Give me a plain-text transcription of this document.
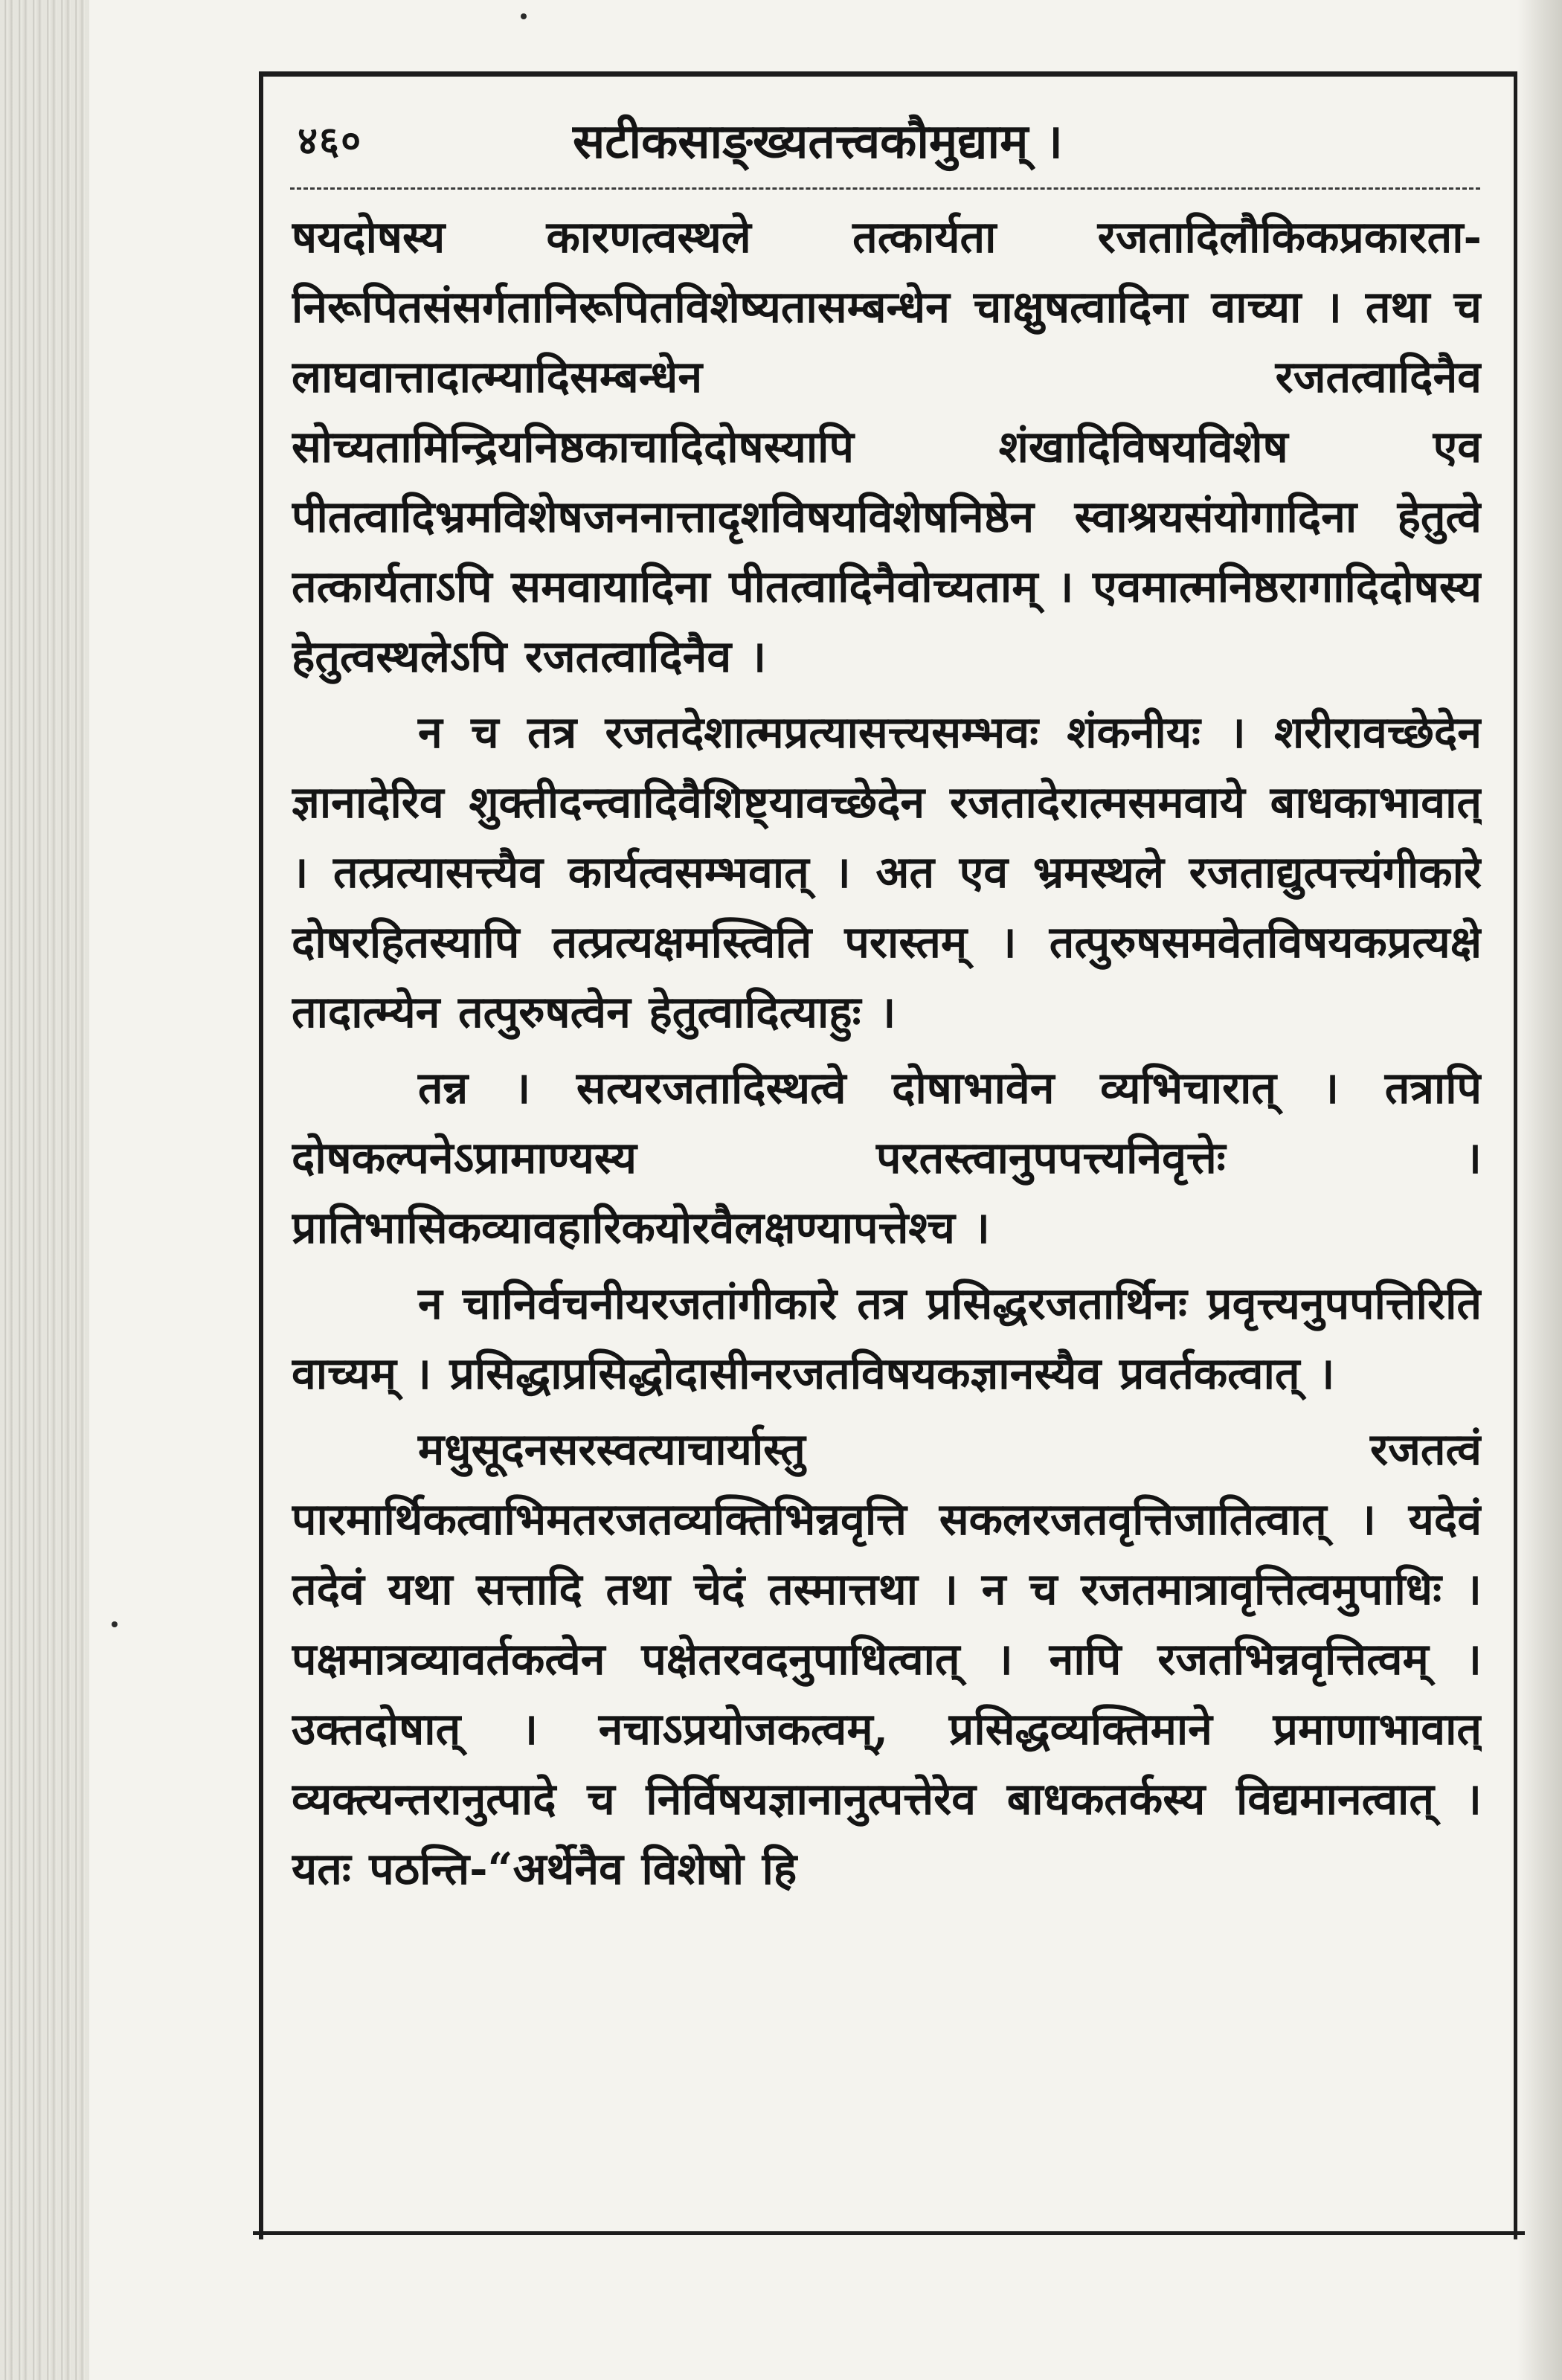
४६०	सटीकसाङ्ख्यतत्त्वकौमुद्याम् ।

षयदोषस्य कारणत्वस्थले तत्कार्यता रजतादिलौकिकप्रकारता-निरूपितसंसर्गतानिरूपितविशेष्यतासम्बन्धेन चाक्षुषत्वादिना वाच्या । तथा च लाघवात्तादात्म्यादिसम्बन्धेन रजतत्वादिनैव सोच्यतामिन्द्रियनिष्ठकाचादिदोषस्यापि शंखादिविषयविशेष एव पीतत्वादिभ्रमविशेषजननात्तादृशविषयविशेषनिष्ठेन स्वाश्रयसंयोगादिना हेतुत्वे तत्कार्यताऽपि समवायादिना पीतत्वादिनैवोच्यताम् । एवमात्मनिष्ठरागादिदोषस्य हेतुत्वस्थलेऽपि रजतत्वादिनैव ।

न च तत्र रजतदेशात्मप्रत्यासत्त्यसम्भवः शंकनीयः । शरीरावच्छेदेन ज्ञानादेरिव शुक्तीदन्त्वादिवैशिष्ट्यावच्छेदेन रजतादेरात्मसमवाये बाधकाभावात् । तत्प्रत्यासत्त्यैव कार्यत्वसम्भवात् । अत एव भ्रमस्थले रजताद्युत्पत्त्यंगीकारे दोषरहितस्यापि तत्प्रत्यक्षमस्त्विति परास्तम् । तत्पुरुषसमवेतविषयकप्रत्यक्षे तादात्म्येन तत्पुरुषत्वेन हेतुत्वादित्याहुः ।

तन्न । सत्यरजतादिस्थत्वे दोषाभावेन व्यभिचारात् । तत्रापि दोषकल्पनेऽप्रामाण्यस्य परतस्त्वानुपपत्त्यनिवृत्तेः । प्रातिभासिकव्यावहारिकयोरवैलक्षण्यापत्तेश्च ।

न चानिर्वचनीयरजतांगीकारे तत्र प्रसिद्धरजतार्थिनः प्रवृत्त्यनुपपत्तिरिति वाच्यम् । प्रसिद्धाप्रसिद्धोदासीनरजतविषयकज्ञानस्यैव प्रवर्तकत्वात् ।

मधुसूदनसरस्वत्याचार्यास्तु रजतत्वं पारमार्थिकत्वाभिमतरजतव्यक्तिभिन्नवृत्ति सकलरजतवृत्तिजातित्वात् । यदेवं तदेवं यथा सत्तादि तथा चेदं तस्मात्तथा । न च रजतमात्रावृत्तित्वमुपाधिः । पक्षमात्रव्यावर्तकत्वेन पक्षेतरवदनुपाधित्वात् । नापि रजतभिन्नवृत्तित्वम् । उक्तदोषात् । नचाऽप्रयोजकत्वम्, प्रसिद्धव्यक्तिमाने प्रमाणाभावात् व्यक्त्यन्तरानुत्पादे च निर्विषयज्ञानानुत्पत्तेरेव बाधकतर्कस्य विद्यमानत्वात् । यतः पठन्ति-“अर्थेनैव विशेषो हि
